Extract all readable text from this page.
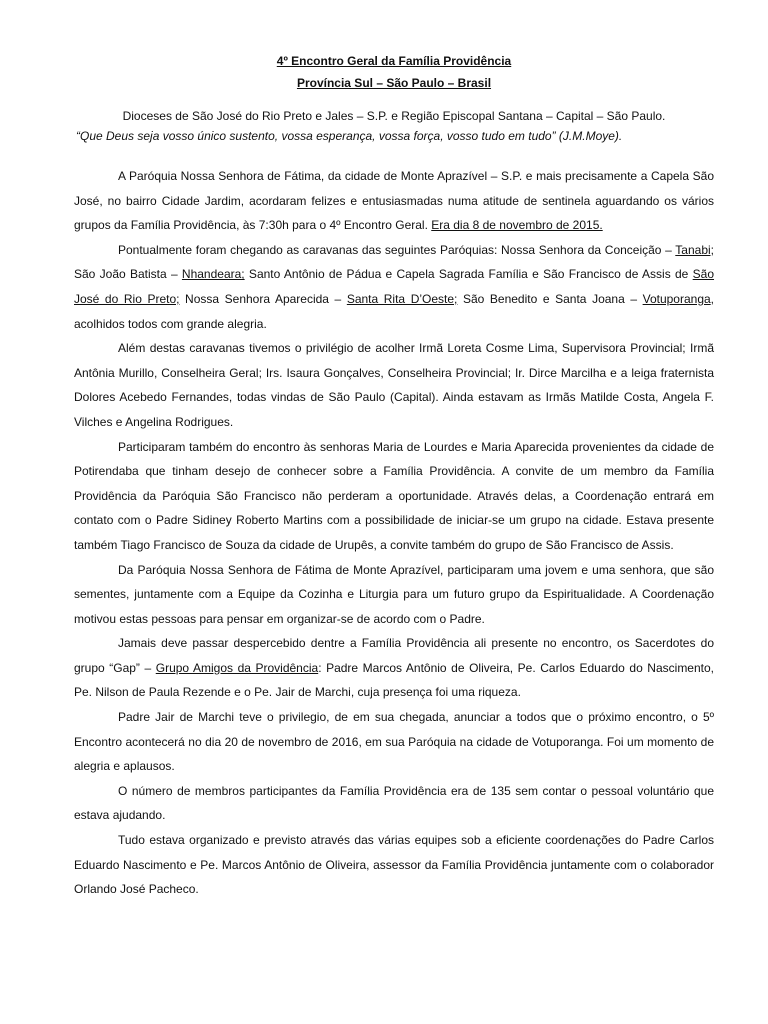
4º Encontro Geral da Família Providência

Província Sul – São Paulo – Brasil

Dioceses de São José do Rio Preto e Jales – S.P. e Região Episcopal Santana – Capital – São Paulo.

“Que Deus seja vosso único sustento, vossa esperança, vossa força, vosso tudo em tudo” (J.M.Moye).

A Paróquia Nossa Senhora de Fátima, da cidade de Monte Aprazível – S.P. e mais precisamente a Capela São José, no bairro Cidade Jardim, acordaram felizes e entusiasmadas numa atitude de sentinela aguardando os vários grupos da Família Providência, às 7:30h para o 4º Encontro Geral. Era dia 8 de novembro de 2015.

Pontualmente foram chegando as caravanas das seguintes Paróquias: Nossa Senhora da Conceição – Tanabi; São João Batista – Nhandeara; Santo Antônio de Pádua e Capela Sagrada Família e São Francisco de Assis de São José do Rio Preto; Nossa Senhora Aparecida – Santa Rita D’Oeste; São Benedito e Santa Joana – Votuporanga, acolhidos todos com grande alegria.

Além destas caravanas tivemos o privilégio de acolher Irmã Loreta Cosme Lima, Supervisora Provincial; Irmã Antônia Murillo, Conselheira Geral; Irs. Isaura Gonçalves, Conselheira Provincial; Ir. Dirce Marcilha e a leiga fraternista Dolores Acebedo Fernandes, todas vindas de São Paulo (Capital). Ainda estavam as Irmãs Matilde Costa, Angela F. Vilches e Angelina Rodrigues.

Participaram também do encontro às senhoras Maria de Lourdes e Maria Aparecida provenientes da cidade de Potirendaba que tinham desejo de conhecer sobre a Família Providência. A convite de um membro da Família Providência da Paróquia São Francisco não perderam a oportunidade. Através delas, a Coordenação entrará em contato com o Padre Sidiney Roberto Martins com a possibilidade de iniciar-se um grupo na cidade. Estava presente também Tiago Francisco de Souza da cidade de Urupês, a convite também do grupo de São Francisco de Assis.

Da Paróquia Nossa Senhora de Fátima de Monte Aprazível, participaram uma jovem e uma senhora, que são sementes, juntamente com a Equipe da Cozinha e Liturgia para um futuro grupo da Espiritualidade. A Coordenação motivou estas pessoas para pensar em organizar-se de acordo com o Padre.

Jamais deve passar despercebido dentre a Família Providência ali presente no encontro, os Sacerdotes do grupo “Gap” – Grupo Amigos da Providência: Padre Marcos Antônio de Oliveira, Pe. Carlos Eduardo do Nascimento, Pe. Nilson de Paula Rezende e o Pe. Jair de Marchi, cuja presença foi uma riqueza.

Padre Jair de Marchi teve o privilegio, de em sua chegada, anunciar a todos que o próximo encontro, o 5º Encontro acontecerá no dia 20 de novembro de 2016, em sua Paróquia na cidade de Votuporanga. Foi um momento de alegria e aplausos.

O número de membros participantes da Família Providência era de 135 sem contar o pessoal voluntário que estava ajudando.

Tudo estava organizado e previsto através das várias equipes sob a eficiente coordenações do Padre Carlos Eduardo Nascimento e Pe. Marcos Antônio de Oliveira, assessor da Família Providência juntamente com o colaborador Orlando José Pacheco.
